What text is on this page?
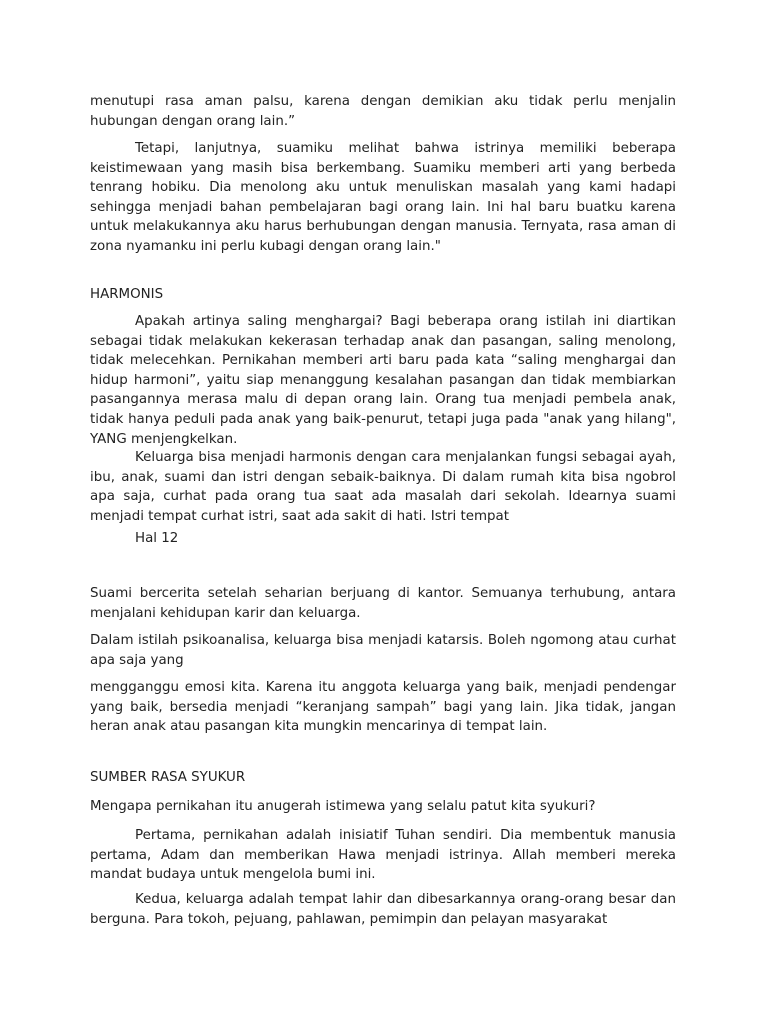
menutupi rasa aman palsu, karena dengan demikian aku tidak perlu menjalin hubungan dengan orang lain.”

Tetapi, lanjutnya, suamiku melihat bahwa istrinya memiliki beberapa keistimewaan yang masih bisa berkembang. Suamiku memberi arti yang berbeda tenrang hobiku. Dia menolong aku untuk menuliskan masalah yang kami hadapi sehingga menjadi bahan pembelajaran bagi orang lain. Ini hal baru buatku karena untuk melakukannya aku harus berhubungan dengan manusia. Ternyata, rasa aman di zona nyamanku ini perlu kubagi dengan orang lain."

HARMONIS

Apakah artinya saling menghargai? Bagi beberapa orang istilah ini diartikan sebagai tidak melakukan kekerasan terhadap anak dan pasangan, saling menolong, tidak melecehkan. Pernikahan memberi arti baru pada kata “saling menghargai dan hidup harmoni”, yaitu siap menanggung kesalahan pasangan dan tidak membiarkan pasangannya merasa malu di depan orang lain. Orang tua menjadi pembela anak, tidak hanya peduli pada anak yang baik-penurut, tetapi juga pada "anak yang hilang", YANG menjengkelkan.

Keluarga bisa menjadi harmonis dengan cara menjalankan fungsi sebagai ayah, ibu, anak, suami dan istri dengan sebaik-baiknya. Di dalam rumah kita bisa ngobrol apa saja, curhat pada orang tua saat ada masalah dari sekolah. Idearnya suami menjadi tempat curhat istri, saat ada sakit di hati. Istri tempat

Hal 12

Suami bercerita setelah seharian berjuang di kantor. Semuanya terhubung, antara menjalani kehidupan karir dan keluarga.

Dalam istilah psikoanalisa, keluarga bisa menjadi katarsis. Boleh ngomong atau curhat apa saja yang

mengganggu emosi kita. Karena itu anggota keluarga yang baik, menjadi pendengar yang baik, bersedia menjadi “keranjang sampah” bagi yang lain. Jika tidak, jangan heran anak atau pasangan kita mungkin mencarinya di tempat lain.

SUMBER RASA SYUKUR

Mengapa pernikahan itu anugerah istimewa yang selalu patut kita syukuri?

Pertama, pernikahan adalah inisiatif Tuhan sendiri. Dia membentuk manusia pertama, Adam dan memberikan Hawa menjadi istrinya. Allah memberi mereka mandat budaya untuk mengelola bumi ini.

Kedua, keluarga adalah tempat lahir dan dibesarkannya orang-orang besar dan berguna. Para tokoh, pejuang, pahlawan, pemimpin dan pelayan masyarakat
